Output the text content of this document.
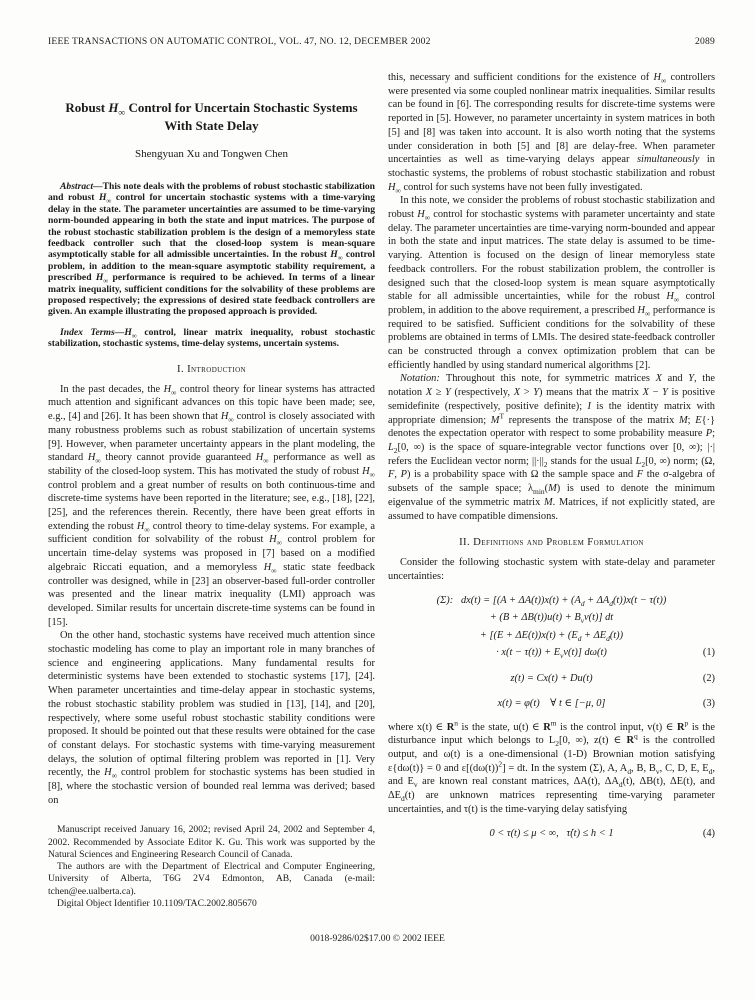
IEEE TRANSACTIONS ON AUTOMATIC CONTROL, VOL. 47, NO. 12, DECEMBER 2002	2089
Robust $H_\infty$ Control for Uncertain Stochastic Systems
With State Delay
Shengyuan Xu and Tongwen Chen

Abstract—This note deals with the problems of robust stochastic stabilization and robust $H_\infty$ control for uncertain stochastic systems with a time-varying delay in the state. The parameter uncertainties are assumed to be time-varying norm-bounded appearing in both the state and input matrices. The purpose of the robust stochastic stabilization problem is the design of a memoryless state feedback controller such that the closed-loop system is mean-square asymptotically stable for all admissible uncertainties. In the robust $H_\infty$ control problem, in addition to the mean-square asymptotic stability requirement, a prescribed $H_\infty$ performance is required to be achieved. In terms of a linear matrix inequality, sufficient conditions for the solvability of these problems are proposed respectively; the expressions of desired state feedback controllers are given. An example illustrating the proposed approach is provided.

Index $Terms—H_\infty$ control, linear matrix inequality, robust stochastic stabilization, stochastic systems, time-delay systems, uncertain systems.

I. Introduction

In the past decades, the $H_\infty$ control theory for linear systems has attracted much attention and significant advances on this topic have been made; see, e.g., [4] and [26]. It has been shown that $H_\infty$ control is closely associated with many robustness problems such as robust stabilization of uncertain systems [9]. However, when parameter uncertainty appears in the plant modeling, the standard $H_\infty$ theory cannot provide guaranteed $H_\infty$ performance as well as stability of the closed-loop system. This has motivated the study of robust $H_\infty$ control problem and a great number of results on both continuous-time and discrete-time systems have been reported in the literature; see, e.g., [18], [22], [25], and the references therein. Recently, there have been great efforts in extending the robust $H_\infty$ control theory to time-delay systems. For example, a sufficient condition for solvability of the robust $H_\infty$ control problem for uncertain time-delay systems was proposed in [7] based on a modified algebraic Riccati equation, and a memoryless $H_\infty$ static state feedback controller was designed, while in [23] an observer-based full-order controller was presented and the linear matrix inequality (LMI) approach was developed. Similar results for uncertain discrete-time systems can be found in [15].

On the other hand, stochastic systems have received much attention since stochastic modeling has come to play an important role in many branches of science and engineering applications. Many fundamental results for deterministic systems have been extended to stochastic systems [17], [24]. When parameter uncertainties and time-delay appear in stochastic systems, the robust stochastic stability problem was studied in [13], [14], and [20], respectively, where some useful robust stochastic stability conditions were proposed. It should be pointed out that these results were obtained for the case of constant delays. For stochastic systems with time-varying measurement delays, the solution of optimal filtering problem was reported in [1]. Very recently, the $H_\infty$ control problem for stochastic systems has been studied in [8], where the stochastic version of bounded real lemma was derived; based on

Manuscript received January 16, 2002; revised April 24, 2002 and September 4, 2002. Recommended by Associate Editor K. Gu. This work was supported by the Natural Sciences and Engineering Research Council of Canada.

The authors are with the Department of Electrical and Computer Engineering, University of Alberta, T6G 2V4 Edmonton, AB, Canada (e-mail: tchen@ee.ualberta.ca).

Digital Object Identifier 10.1109/TAC.2002.805670

this, necessary and sufficient conditions for the existence of $H_\infty$ controllers were presented via some coupled nonlinear matrix inequalities. Similar results can be found in [6]. The corresponding results for discrete-time systems were reported in [5]. However, no parameter uncertainty in system matrices in both [5] and [8] was taken into account. It is also worth noting that the systems under consideration in both [5] and [8] are delay-free. When parameter uncertainties as well as time-varying delays appear simultaneously in stochastic systems, the problems of robust stochastic stabilization and robust $H_\infty$ control for such systems have not been fully investigated.

In this note, we consider the problems of robust stochastic stabilization and robust $H_\infty$ control for stochastic systems with parameter uncertainty and state delay. The parameter uncertainties are time-varying norm-bounded and appear in both the state and input matrices. The state delay is assumed to be time-varying. Attention is focused on the design of linear memoryless state feedback controllers. For the robust stabilization problem, the controller is designed such that the closed-loop system is mean square asymptotically stable for all admissible uncertainties, while for the robust $H_\infty$ control problem, in addition to the above requirement, a prescribed $H_\infty$ performance is required to be satisfied. Sufficient conditions for the solvability of these problems are obtained in terms of LMIs. The desired state-feedback controller can be constructed through a convex optimization problem that can be efficiently handled by using standard numerical algorithms [2].

Notation: Throughout this note, for symmetric matrices X and Y, the notation X ≥ Y (respectively, X > Y) means that the matrix X − Y is positive semidefinite (respectively, positive definite); I is the identity matrix with appropriate dimension; $M^T$ represents the transpose of the matrix M; E{·} denotes the expectation operator with respect to some probability measure P; $L_2[0$, ∞) is the space of square-integrable vector functions over [0, ∞); |·| refers the Euclidean vector norm; $||\cdot||_2$ stands for the usual $L_2[0$, ∞) norm; (Ω, F, P) is a probability space with Ω the sample space and F the σ-algebra of subsets of the sample space; $\lambda_{min}(M)$ is used to denote the minimum eigenvalue of the symmetric matrix M. Matrices, if not explicitly stated, are assumed to have compatible dimensions.

II. Definitions and Problem Formulation

Consider the following stochastic system with state-delay and parameter uncertainties:

(Σ):   $dx(t) = [(A + \Delta A(t))x(t) + (A_d + \Delta A_d(t))x(t - \tau(t))$
+ $(B + \Delta B(t))u(t) + B_vv(t)$] dt
+ [$(E + \Delta E(t))x(t) + (E_d + \Delta E_d(t))$
· $x(t - \tau(t)) + E_vv(t)$] dω(t)	(1)
z(t) = Cx(t) + Du(t)	(2)
x(t) = φ(t)    ∀ t ∈ [−μ, 0]	(3)

where x(t) ∈ $R^n$ is the state, u(t) ∈ $R^m$ is the control input, v(t) ∈ $R^p$ is the disturbance input which belongs to $L_2[0$, ∞), z(t) ∈ $R^q$ is the controlled output, and ω(t) is a one-dimensional (1-D) Brownian motion satisfying ε{dω(t)} = 0 and $\varepsilon[(d\omega(t))^2]$ = dt. In the system (Σ), A, $A_d$, B, $B_v$, C, D, E, $E_d$, and $E_v$ are known real constant matrices, ΔA(t), $\Delta A_d(t)$, ΔB(t), ΔE(t), and $\Delta E_d(t)$ are unknown matrices representing time-varying parameter uncertainties, and τ(t) is the time-varying delay satisfying

0 < τ(t) ≤ μ < ∞,   τ̇(t) ≤ h < 1	(4)
0018-9286/02$17.00 © 2002 IEEE
